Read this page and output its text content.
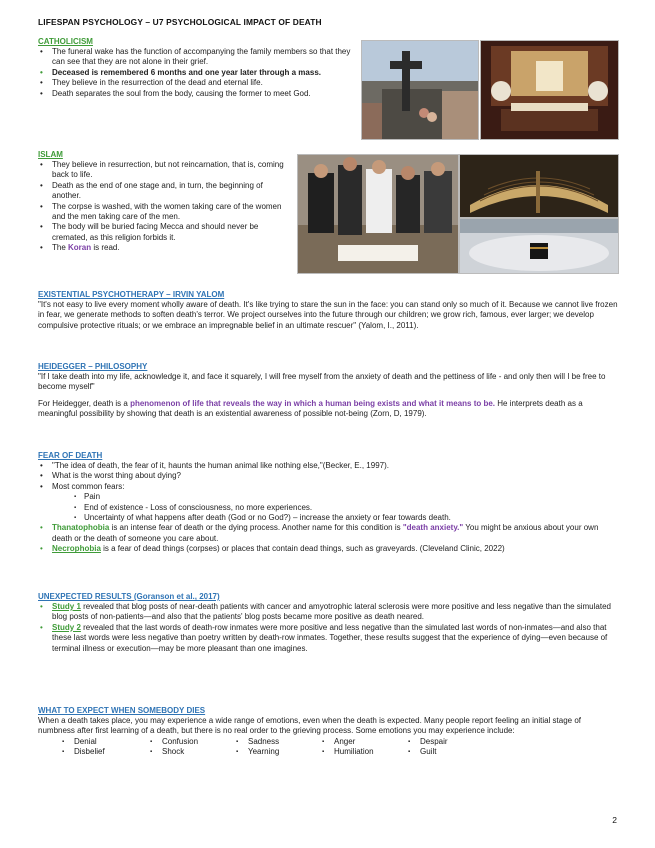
LIFESPAN PSYCHOLOGY – U7 PSYCHOLOGICAL IMPACT OF DEATH
CATHOLICISM
• The funeral wake has the function of accompanying the family members so that they can see that they are not alone in their grief.
• Deceased is remembered 6 months and one year later through a mass.
• They believe in the resurrection of the dead and eternal life.
• Death separates the soul from the body, causing the former to meet God.
ISLAM
• They believe in resurrection, but not reincarnation, that is, coming back to life.
• Death as the end of one stage and, in turn, the beginning of another.
• The corpse is washed, with the women taking care of the women and the men taking care of the men.
• The body will be buried facing Mecca and should never be cremated, as this religion forbids it.
• The Koran is read.
EXISTENTIAL PSYCHOTHERAPY – IRVIN YALOM

"It's not easy to live every moment wholly aware of death. It's like trying to stare the sun in the face: you can stand only so much of it. Because we cannot live frozen in fear, we generate methods to soften death's terror. We project ourselves into the future through our children; we grow rich, famous, ever larger; we develop compulsive protective rituals; or we embrace an impregnable belief in an ultimate rescuer" (Yalom, I., 2011).

HEIDEGGER – PHILOSOPHY

"If I take death into my life, acknowledge it, and face it squarely, I will free myself from the anxiety of death and the pettiness of life - and only then will I be free to become myself"

For Heidegger, death is a phenomenon of life that reveals the way in which a human being exists and what it means to be. He interprets death as a meaningful possibility by showing that death is an existential awareness of possible not-being (Zorn, D, 1979).

FEAR OF DEATH
• "The idea of death, the fear of it, haunts the human animal like nothing else,"(Becker, E., 1997).
• What is the worst thing about dying?
• Most common fears:
▪ Pain
▪ End of existence - Loss of consciousness, no more experiences.
▪ Uncertainty of what happens after death (God or no God?) – increase the anxiety or fear towards death.
• Thanatophobia is an intense fear of death or the dying process. Another name for this condition is "death anxiety." You might be anxious about your own death or the death of someone you care about.
• Necrophobia is a fear of dead things (corpses) or places that contain dead things, such as graveyards. (Cleveland Clinic, 2022)
UNEXPECTED RESULTS (Goranson et al., 2017)
• Study 1 revealed that blog posts of near-death patients with cancer and amyotrophic lateral sclerosis were more positive and less negative than the simulated blog posts of non-patients—and also that the patients' blog posts became more positive as death neared.
• Study 2 revealed that the last words of death-row inmates were more positive and less negative than the simulated last words of non-inmates—and also that these last words were less negative than poetry written by death-row inmates. Together, these results suggest that the experience of dying—even because of terminal illness or execution—may be more pleasant than one imagines.
WHAT TO EXPECT WHEN SOMEBODY DIES

When a death takes place, you may experience a wide range of emotions, even when the death is expected. Many people report feeling an initial stage of numbness after first learning of a death, but there is no real order to the grieving process. Some emotions you may experience include:

▪ Denial	▪ Confusion	▪ Sadness	▪ Anger	▪ Despair
▪ Disbelief	▪ Shock	▪ Yearning	▪ Humiliation	▪ Guilt
2
